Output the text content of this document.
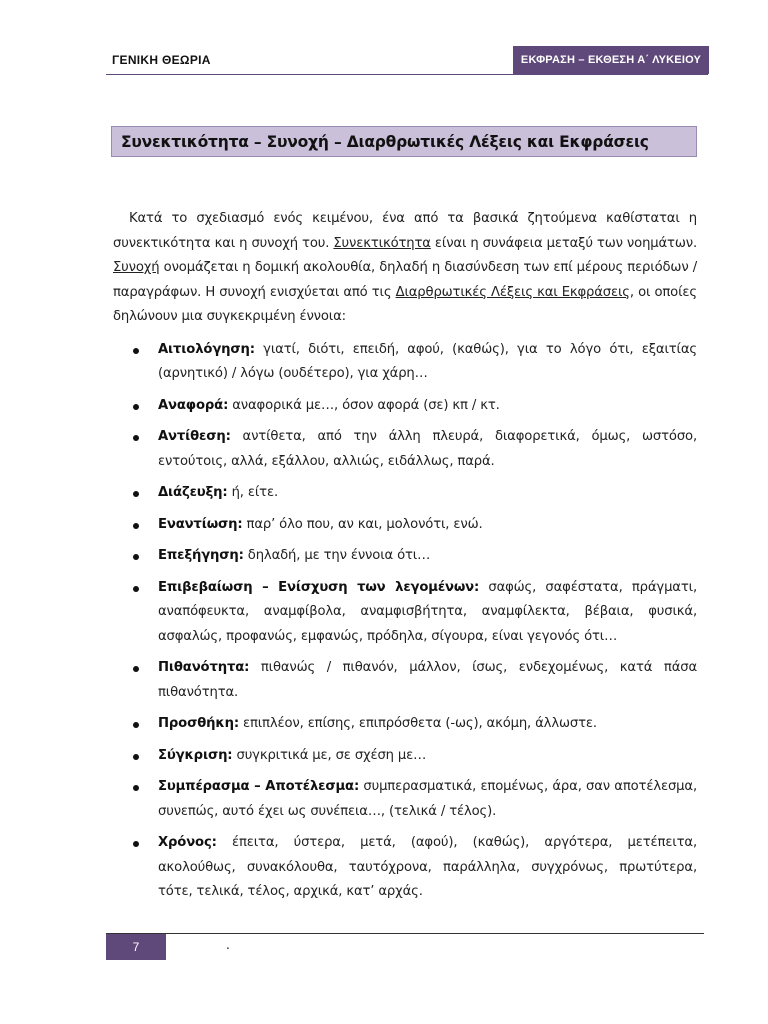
ΓΕΝΙΚΗ ΘΕΩΡΙΑ	ΕΚΦΡΑΣΗ – ΕΚΘΕΣΗ Α΄ ΛΥΚΕΙΟΥ
Συνεκτικότητα – Συνοχή – Διαρθρωτικές Λέξεις και Εκφράσεις

Κατά το σχεδιασμό ενός κειμένου, ένα από τα βασικά ζητούμενα καθίσταται η συνεκτικότητα και η συνοχή του. Συνεκτικότητα είναι η συνάφεια μεταξύ των νοημάτων. Συνοχή ονομάζεται η δομική ακολουθία, δηλαδή η διασύνδεση των επί μέρους περιόδων / παραγράφων. Η συνοχή ενισχύεται από τις Διαρθρωτικές Λέξεις και Εκφράσεις, οι οποίες δηλώνουν μια συγκεκριμένη έννοια:

Αιτιολόγηση: γιατί, διότι, επειδή, αφού, (καθώς), για το λόγο ότι, εξαιτίας (αρνητικό) / λόγω (ουδέτερο), για χάρη…
Αναφορά: αναφορικά με…, όσον αφορά (σε) κπ / κτ.
Αντίθεση: αντίθετα, από την άλλη πλευρά, διαφορετικά, όμως, ωστόσο, εντούτοις, αλλά, εξάλλου, αλλιώς, ειδάλλως, παρά.
Διάζευξη: ή, είτε.
Εναντίωση: παρ’ όλο που, αν και, μολονότι, ενώ.
Επεξήγηση: δηλαδή, με την έννοια ότι…
Επιβεβαίωση – Ενίσχυση των λεγομένων: σαφώς, σαφέστατα, πράγματι, αναπόφευκτα, αναμφίβολα, αναμφισβήτητα, αναμφίλεκτα, βέβαια, φυσικά, ασφαλώς, προφανώς, εμφανώς, πρόδηλα, σίγουρα, είναι γεγονός ότι…
Πιθανότητα: πιθανώς / πιθανόν, μάλλον, ίσως, ενδεχομένως, κατά πάσα πιθανότητα.
Προσθήκη: επιπλέον, επίσης, επιπρόσθετα (-ως), ακόμη, άλλωστε.
Σύγκριση: συγκριτικά με, σε σχέση με…
Συμπέρασμα – Αποτέλεσμα: συμπερασματικά, επομένως, άρα, σαν αποτέλεσμα, συνεπώς, αυτό έχει ως συνέπεια…, (τελικά / τέλος).
Χρόνος: έπειτα, ύστερα, μετά, (αφού), (καθώς), αργότερα, μετέπειτα, ακολούθως, συνακόλουθα, ταυτόχρονα, παράλληλα, συγχρόνως, πρωτύτερα, τότε, τελικά, τέλος, αρχικά, κατ’ αρχάς.
7	.
